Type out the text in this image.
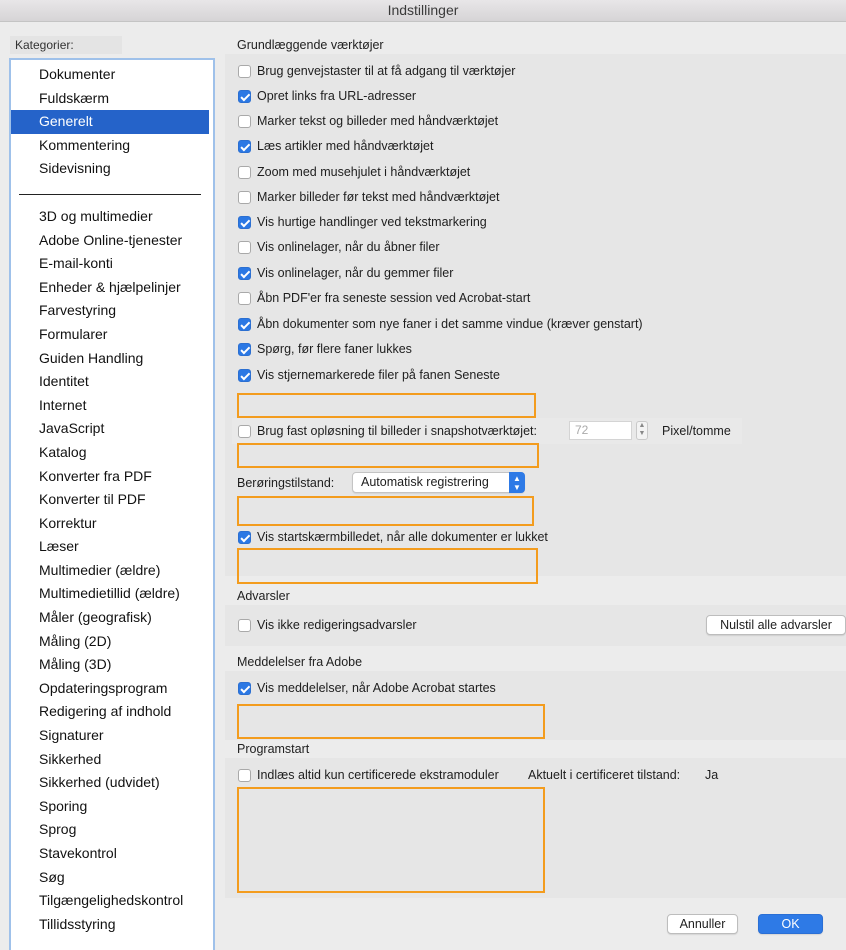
Indstillinger
Kategorier:
Dokumenter
Fuldskærm
Generelt
Kommentering
Sidevisning
3D og multimedier
Adobe Online-tjenester
E-mail-konti
Enheder & hjælpelinjer
Farvestyring
Formularer
Guiden Handling
Identitet
Internet
JavaScript
Katalog
Konverter fra PDF
Konverter til PDF
Korrektur
Læser
Multimedier (ældre)
Multimedietillid (ældre)
Måler (geografisk)
Måling (2D)
Måling (3D)
Opdateringsprogram
Redigering af indhold
Signaturer
Sikkerhed
Sikkerhed (udvidet)
Sporing
Sprog
Stavekontrol
Søg
Tilgængelighedskontrol
Tillidsstyring
Grundlæggende værktøjer
Brug genvejstaster til at få adgang til værktøjer
Opret links fra URL-adresser
Marker tekst og billeder med håndværktøjet
Læs artikler med håndværktøjet
Zoom med musehjulet i håndværktøjet
Marker billeder før tekst med håndværktøjet
Vis hurtige handlinger ved tekstmarkering
Vis onlinelager, når du åbner filer
Vis onlinelager, når du gemmer filer
Åbn PDF'er fra seneste session ved Acrobat-start
Åbn dokumenter som nye faner i det samme vindue (kræver genstart)
Spørg, før flere faner lukkes
Vis stjernemarkerede filer på fanen Seneste
Brug fast opløsning til billeder i snapshotværktøjet:	72	▲
▼ Pixel/tomme
Berøringstilstand:	Automatisk registrering	▲
▼
Vis startskærmbilledet, når alle dokumenter er lukket
Advarsler
Vis ikke redigeringsadvarsler	Nulstil alle advarsler
Meddelelser fra Adobe
Vis meddelelser, når Adobe Acrobat startes
Programstart
Indlæs altid kun certificerede ekstramoduler Aktuelt i certificeret tilstand: Ja
Annuller	OK
